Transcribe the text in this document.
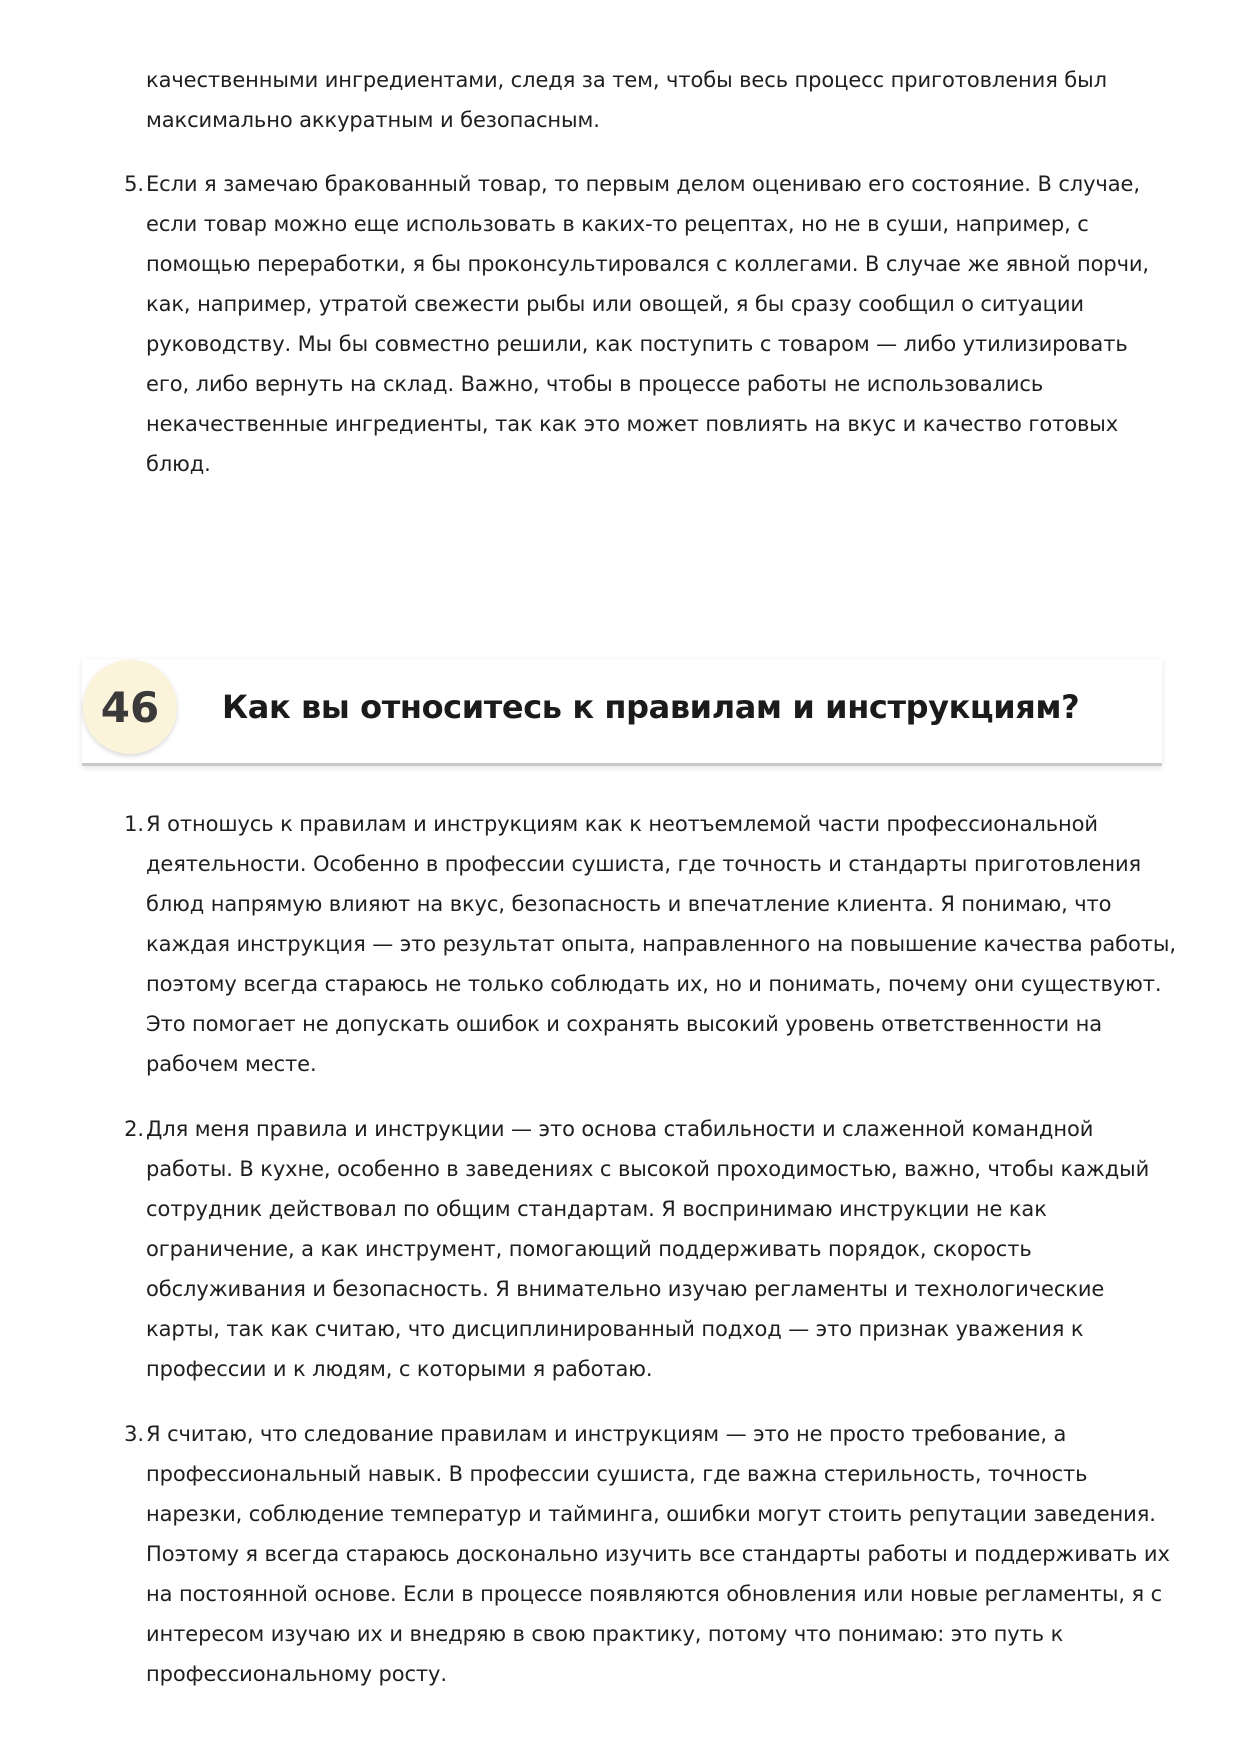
качественными ингредиентами, следя за тем, чтобы весь процесс приготовления был максимально аккуратным и безопасным.
5. Если я замечаю бракованный товар, то первым делом оцениваю его состояние. В случае, если товар можно еще использовать в каких-то рецептах, но не в суши, например, с помощью переработки, я бы проконсультировался с коллегами. В случае же явной порчи, как, например, утратой свежести рыбы или овощей, я бы сразу сообщил о ситуации руководству. Мы бы совместно решили, как поступить с товаром — либо утилизировать его, либо вернуть на склад. Важно, чтобы в процессе работы не использовались некачественные ингредиенты, так как это может повлиять на вкус и качество готовых блюд.
46	Как вы относитесь к правилам и инструкциям?
1. Я отношусь к правилам и инструкциям как к неотъемлемой части профессиональной деятельности. Особенно в профессии сушиста, где точность и стандарты приготовления блюд напрямую влияют на вкус, безопасность и впечатление клиента. Я понимаю, что каждая инструкция — это результат опыта, направленного на повышение качества работы, поэтому всегда стараюсь не только соблюдать их, но и понимать, почему они существуют. Это помогает не допускать ошибок и сохранять высокий уровень ответственности на рабочем месте.
2. Для меня правила и инструкции — это основа стабильности и слаженной командной работы. В кухне, особенно в заведениях с высокой проходимостью, важно, чтобы каждый сотрудник действовал по общим стандартам. Я воспринимаю инструкции не как ограничение, а как инструмент, помогающий поддерживать порядок, скорость обслуживания и безопасность. Я внимательно изучаю регламенты и технологические карты, так как считаю, что дисциплинированный подход — это признак уважения к профессии и к людям, с которыми я работаю.
3. Я считаю, что следование правилам и инструкциям — это не просто требование, а профессиональный навык. В профессии сушиста, где важна стерильность, точность нарезки, соблюдение температур и тайминга, ошибки могут стоить репутации заведения. Поэтому я всегда стараюсь досконально изучить все стандарты работы и поддерживать их на постоянной основе. Если в процессе появляются обновления или новые регламенты, я с интересом изучаю их и внедряю в свою практику, потому что понимаю: это путь к профессиональному росту.
